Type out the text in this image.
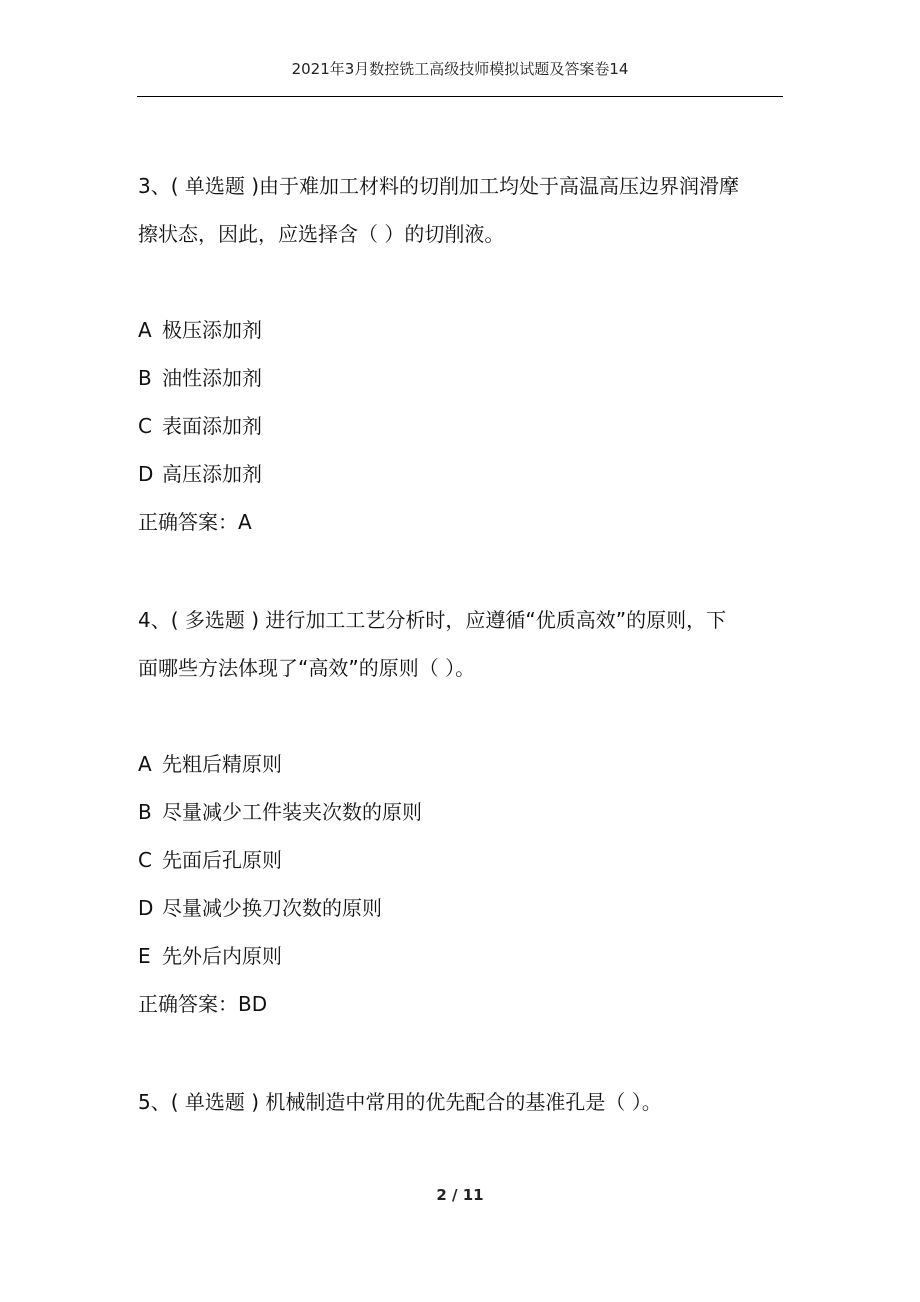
2021年3月数控铣工高级技师模拟试题及答案卷14
3、( 单选题 )由于难加工材料的切削加工均处于高温高压边界润滑摩
擦状态，因此，应选择含（ ）的切削液。
A 极压添加剂
B 油性添加剂
C 表面添加剂
D 高压添加剂
正确答案：A
4、( 多选题 ) 进行加工工艺分析时，应遵循“优质高效”的原则，下
面哪些方法体现了“高效”的原则（ ）。
A 先粗后精原则
B 尽量减少工件装夹次数的原则
C 先面后孔原则
D 尽量减少换刀次数的原则
E 先外后内原则
正确答案：BD
5、( 单选题 ) 机械制造中常用的优先配合的基准孔是（ ）。
2 / 11
